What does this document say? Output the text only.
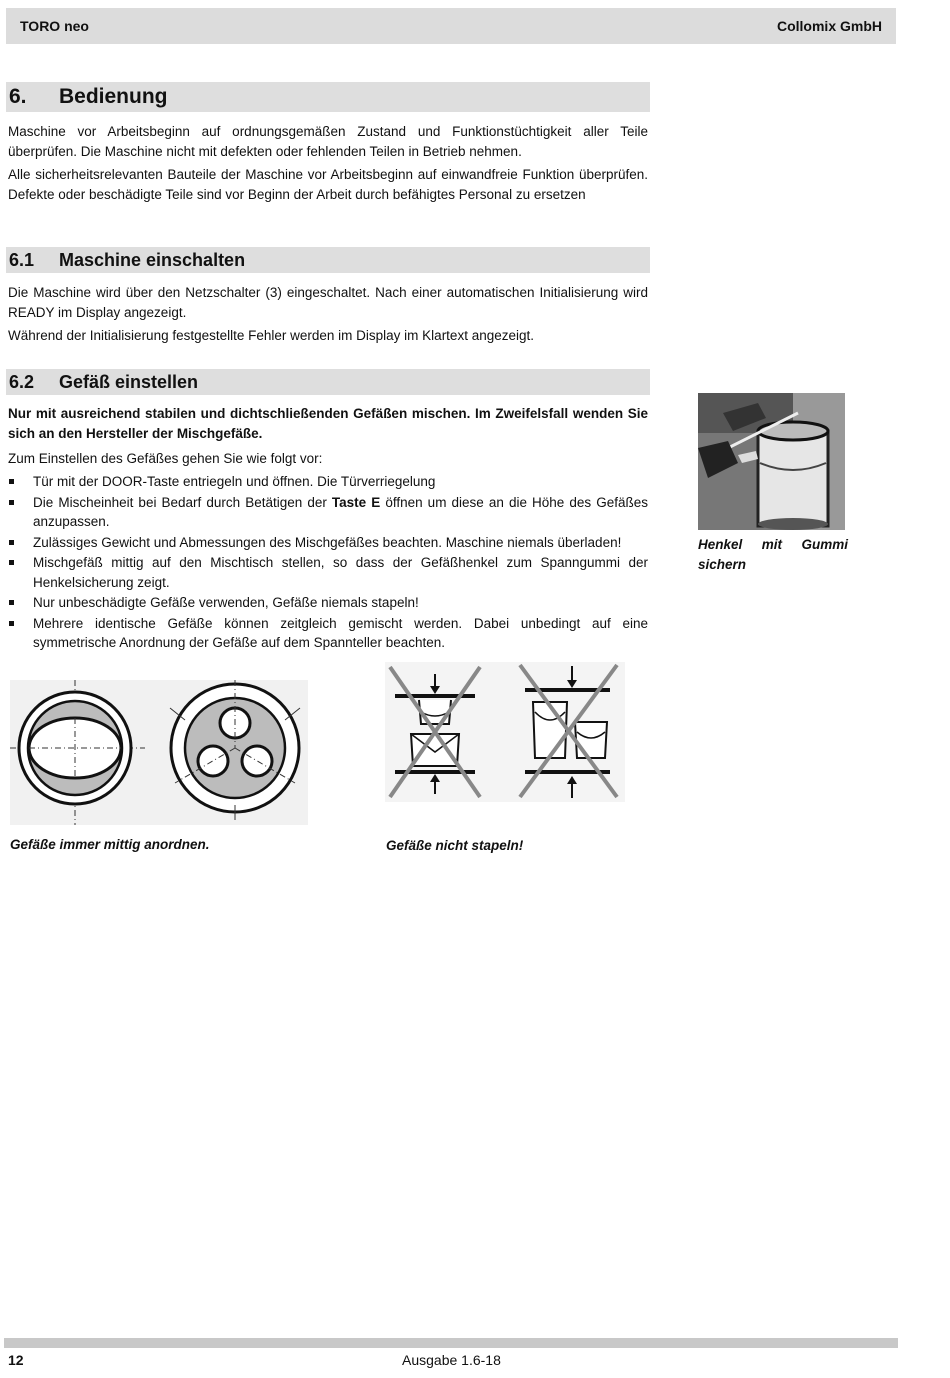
TORO neo	Collomix GmbH
6. Bedienung

Maschine vor Arbeitsbeginn auf ordnungsgemäßen Zustand und Funktionstüchtigkeit aller Teile überprüfen. Die Maschine nicht mit defekten oder fehlenden Teilen in Betrieb nehmen.

Alle sicherheitsrelevanten Bauteile der Maschine vor Arbeitsbeginn auf einwandfreie Funktion überprüfen. Defekte oder beschädigte Teile sind vor Beginn der Arbeit durch befähigtes Personal zu ersetzen

6.1 Maschine einschalten

Die Maschine wird über den Netzschalter (3) eingeschaltet. Nach einer automatischen Initialisierung wird READY im Display angezeigt.

Während der Initialisierung festgestellte Fehler werden im Display im Klartext angezeigt.

6.2 Gefäß einstellen

Nur mit ausreichend stabilen und dichtschließenden Gefäßen mischen. Im Zweifelsfall wenden Sie sich an den Hersteller der Mischgefäße.

Zum Einstellen des Gefäßes gehen Sie wie folgt vor:

Tür mit der DOOR-Taste entriegeln und öffnen. Die Türverriegelung
Die Mischeinheit bei Bedarf durch Betätigen der Taste E öffnen um diese an die Höhe des Gefäßes anzupassen.
Zulässiges Gewicht und Abmessungen des Mischgefäßes beachten. Maschine niemals überladen!
Mischgefäß mittig auf den Mischtisch stellen, so dass der Gefäßhenkel zum Spanngummi der Henkelsicherung zeigt.
Nur unbeschädigte Gefäße verwenden, Gefäße niemals stapeln!
Mehrere identische Gefäße können zeitgleich gemischt werden. Dabei unbedingt auf eine symmetrische Anordnung der Gefäße auf dem Spannteller beachten.
Henkel mit Gummi sichern
Gefäße immer mittig anordnen.	Gefäße nicht stapeln!
12	Ausgabe 1.6-18
